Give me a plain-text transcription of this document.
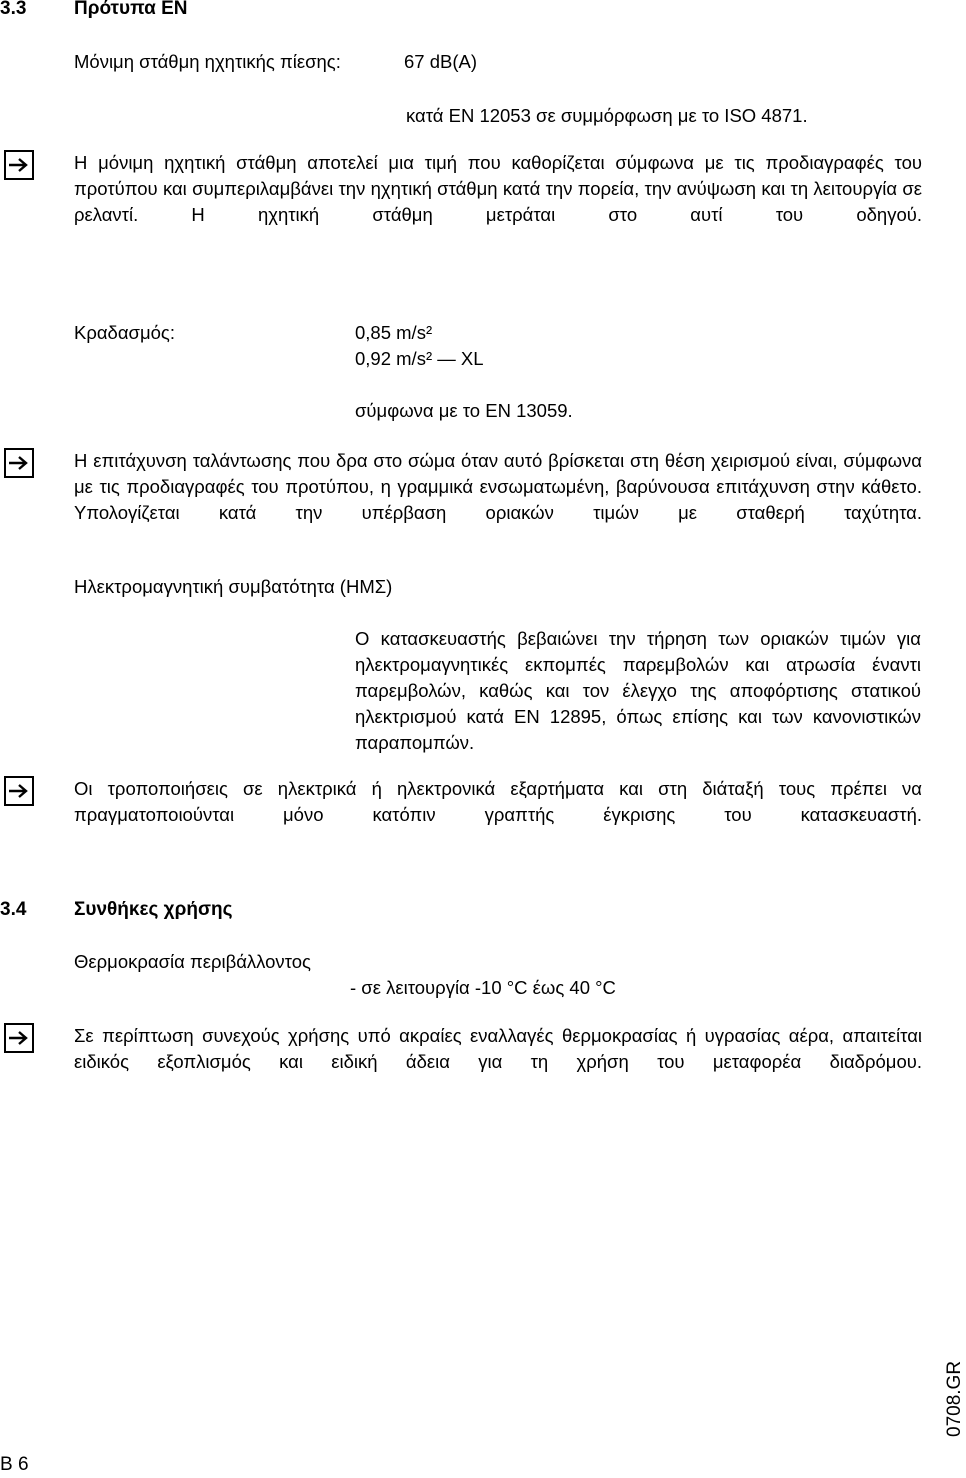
3.3	Πρότυπα EN
Μόνιμη στάθμη ηχητικής πίεσης:	67 dB(A)
κατά EN 12053 σε συμμόρφωση με το ISO 4871.
Η μόνιμη ηχητική στάθμη αποτελεί μια τιμή που καθορίζεται σύμφωνα με τις προδιαγραφές του προτύπου και συμπεριλαμβάνει την ηχητική στάθμη κατά την πορεία, την ανύψωση και τη λειτουργία σε ρελαντί. Η ηχητική στάθμη μετράται στο αυτί του οδηγού.
Κραδασμός:	0,85 m/s²
0,92 m/s² — XL
σύμφωνα με το EN 13059.
Η επιτάχυνση ταλάντωσης που δρα στο σώμα όταν αυτό βρίσκεται στη θέση χειρισμού είναι, σύμφωνα με τις προδιαγραφές του προτύπου, η γραμμικά ενσωματωμένη, βαρύνουσα επιτάχυνση στην κάθετο. Υπολογίζεται κατά την υπέρβαση οριακών τιμών με σταθερή ταχύτητα.
Ηλεκτρομαγνητική συμβατότητα (ΗΜΣ)
Ο κατασκευαστής βεβαιώνει την τήρηση των οριακών τιμών για ηλεκτρομαγνητικές εκπομπές παρεμβολών και ατρωσία έναντι παρεμβολών, καθώς και τον έλεγχο της αποφόρτισης στατικού ηλεκτρισμού κατά EN 12895, όπως επίσης και των κανονιστικών παραπομπών.
Οι τροποποιήσεις σε ηλεκτρικά ή ηλεκτρονικά εξαρτήματα και στη διάταξή τους πρέπει να πραγματοποιούνται μόνο κατόπιν γραπτής έγκρισης του κατασκευαστή.
3.4	Συνθήκες χρήσης
Θερμοκρασία περιβάλλοντος
- σε λειτουργία -10 °C έως 40 °C
Σε περίπτωση συνεχούς χρήσης υπό ακραίες εναλλαγές θερμοκρασίας ή υγρασίας αέρα, απαιτείται ειδικός εξοπλισμός και ειδική άδεια για τη χρήση του μεταφορέα διαδρόμου.
0708.GR
B 6
